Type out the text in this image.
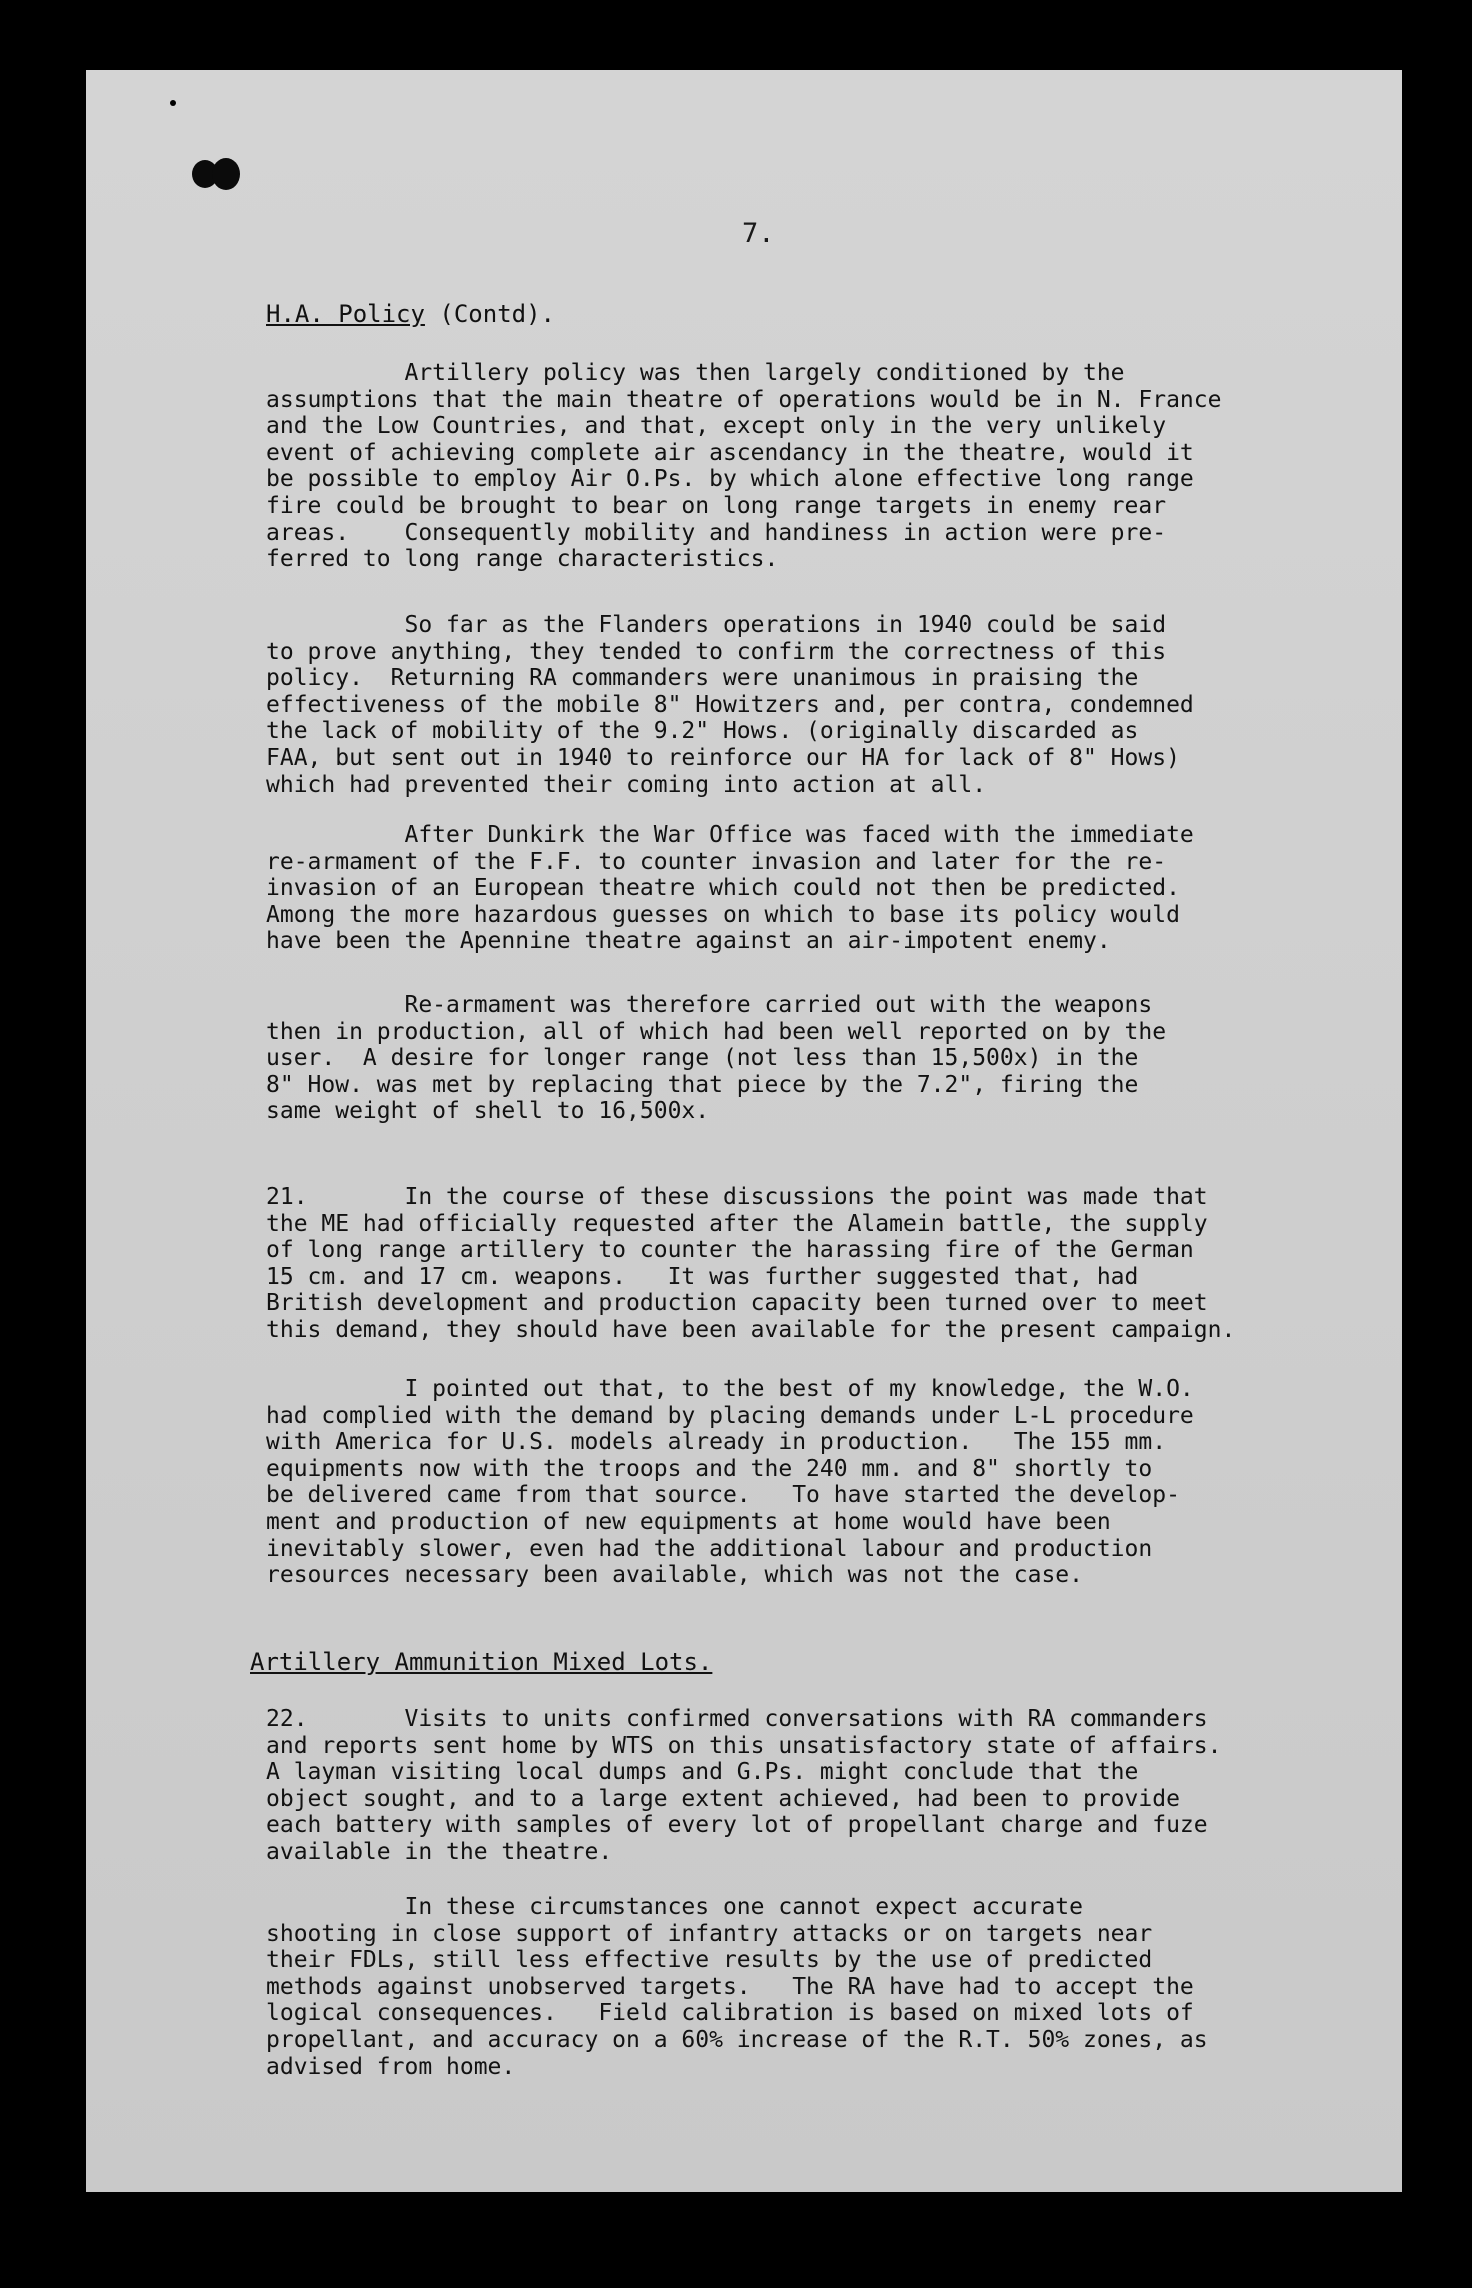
7.

H.A. Policy (Contd).

Artillery policy was then largely conditioned by the
assumptions that the main theatre of operations would be in N. France
and the Low Countries, and that, except only in the very unlikely
event of achieving complete air ascendancy in the theatre, would it
be possible to employ Air O.Ps. by which alone effective long range
fire could be brought to bear on long range targets in enemy rear
areas.    Consequently mobility and handiness in action were pre-
ferred to long range characteristics.

So far as the Flanders operations in 1940 could be said
to prove anything, they tended to confirm the correctness of this
policy.  Returning RA commanders were unanimous in praising the
effectiveness of the mobile 8" Howitzers and, per contra, condemned
the lack of mobility of the 9.2" Hows. (originally discarded as
FAA, but sent out in 1940 to reinforce our HA for lack of 8" Hows)
which had prevented their coming into action at all.

After Dunkirk the War Office was faced with the immediate
re-armament of the F.F. to counter invasion and later for the re-
invasion of an European theatre which could not then be predicted.
Among the more hazardous guesses on which to base its policy would
have been the Apennine theatre against an air-impotent enemy.

Re-armament was therefore carried out with the weapons
then in production, all of which had been well reported on by the
user.  A desire for longer range (not less than 15,500x) in the
8" How. was met by replacing that piece by the 7.2", firing the
same weight of shell to 16,500x.

21.       In the course of these discussions the point was made that
the ME had officially requested after the Alamein battle, the supply
of long range artillery to counter the harassing fire of the German
15 cm. and 17 cm. weapons.   It was further suggested that, had
British development and production capacity been turned over to meet
this demand, they should have been available for the present campaign.

I pointed out that, to the best of my knowledge, the W.O.
had complied with the demand by placing demands under L-L procedure
with America for U.S. models already in production.   The 155 mm.
equipments now with the troops and the 240 mm. and 8" shortly to
be delivered came from that source.   To have started the develop-
ment and production of new equipments at home would have been
inevitably slower, even had the additional labour and production
resources necessary been available, which was not the case.

Artillery Ammunition Mixed Lots.

22.       Visits to units confirmed conversations with RA commanders
and reports sent home by WTS on this unsatisfactory state of affairs.
A layman visiting local dumps and G.Ps. might conclude that the
object sought, and to a large extent achieved, had been to provide
each battery with samples of every lot of propellant charge and fuze
available in the theatre.

In these circumstances one cannot expect accurate
shooting in close support of infantry attacks or on targets near
their FDLs, still less effective results by the use of predicted
methods against unobserved targets.   The RA have had to accept the
logical consequences.   Field calibration is based on mixed lots of
propellant, and accuracy on a 60% increase of the R.T. 50% zones, as
advised from home.
